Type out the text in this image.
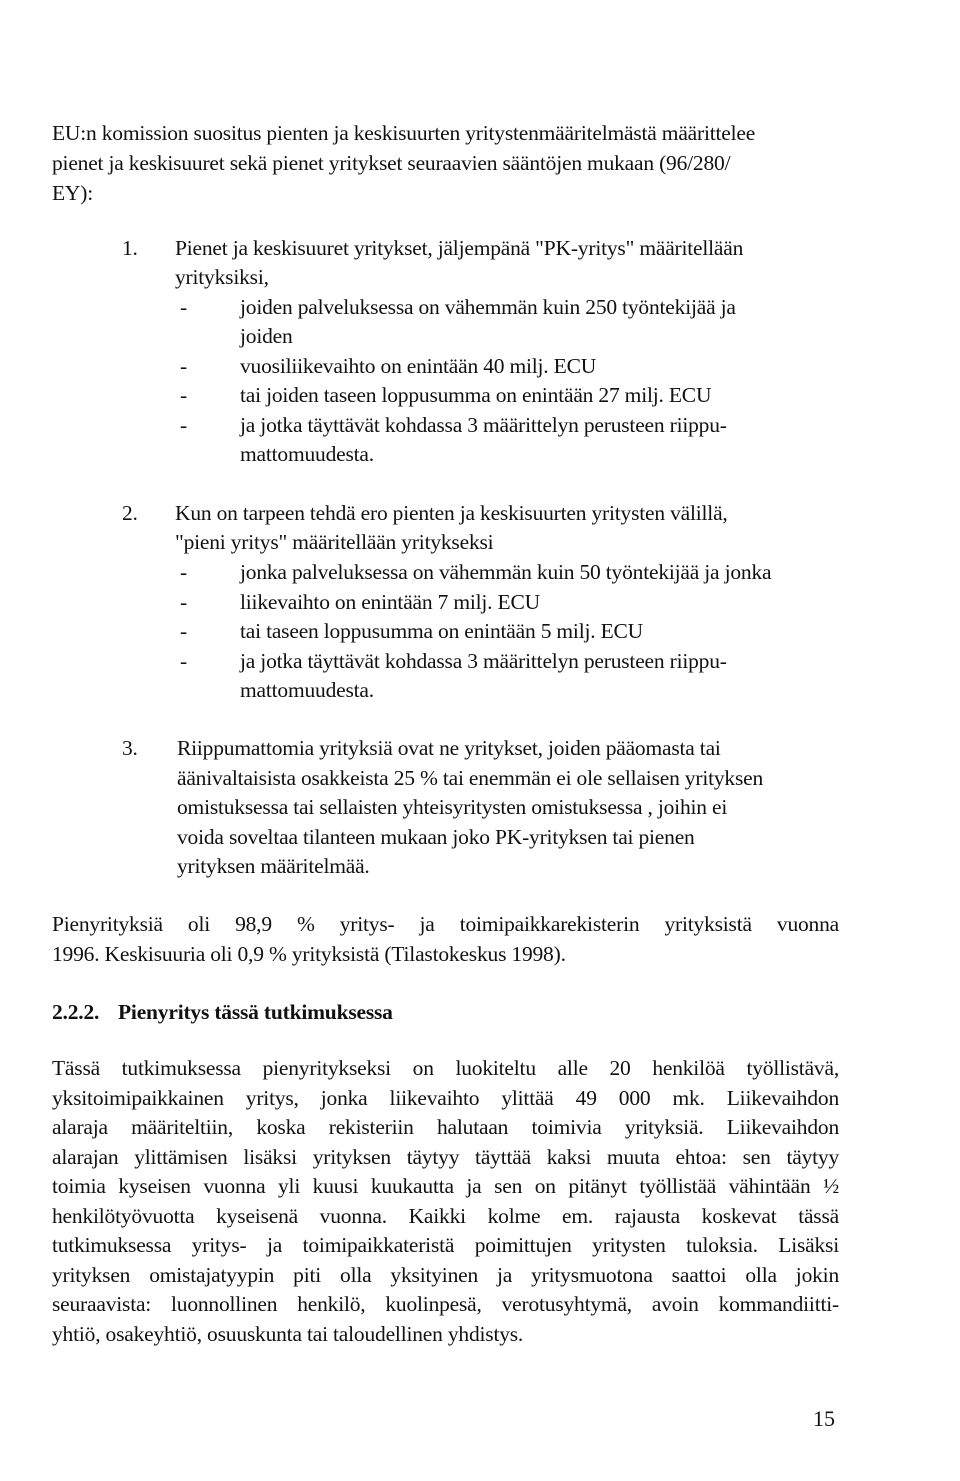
EU:n komission suositus pienten ja keskisuurten yritystenmääritelmästä määrittelee
pienet ja keskisuuret sekä pienet yritykset seuraavien sääntöjen mukaan (96/280/
EY):
1. Pienet ja keskisuuret yritykset, jäljempänä "PK-yritys" määritellään
yrityksiksi,
- joiden palveluksessa on vähemmän kuin 250 työntekijää ja
joiden
- vuosiliikevaihto on enintään 40 milj. ECU
- tai joiden taseen loppusumma on enintään 27 milj. ECU
- ja jotka täyttävät kohdassa 3 määrittelyn perusteen riippu-
mattomuudesta.
2. Kun on tarpeen tehdä ero pienten ja keskisuurten yritysten välillä,
"pieni yritys" määritellään yritykseksi
- jonka palveluksessa on vähemmän kuin 50 työntekijää ja jonka
- liikevaihto on enintään 7 milj. ECU
- tai taseen loppusumma on enintään 5 milj. ECU
- ja jotka täyttävät kohdassa 3 määrittelyn perusteen riippu-
mattomuudesta.
3. Riippumattomia yrityksiä ovat ne yritykset, joiden pääomasta tai
äänivaltaisista osakkeista 25 % tai enemmän ei ole sellaisen yrityksen
omistuksessa tai sellaisten yhteisyritysten omistuksessa , joihin ei
voida soveltaa tilanteen mukaan joko PK-yrityksen tai pienen
yrityksen määritelmää.
Pienyrityksiä oli 98,9 % yritys- ja toimipaikkarekisterin yrityksistä vuonna
1996. Keskisuuria oli 0,9 % yrityksistä (Tilastokeskus 1998).
2.2.2. Pienyritys tässä tutkimuksessa
Tässä tutkimuksessa pienyritykseksi on luokiteltu alle 20 henkilöä työllistävä,
yksitoimipaikkainen yritys, jonka liikevaihto ylittää 49 000 mk. Liikevaihdon
alaraja määriteltiin, koska rekisteriin halutaan toimivia yrityksiä. Liikevaihdon
alarajan ylittämisen lisäksi yrityksen täytyy täyttää kaksi muuta ehtoa: sen täytyy
toimia kyseisen vuonna yli kuusi kuukautta ja sen on pitänyt työllistää vähintään ½
henkilötyövuotta kyseisenä vuonna. Kaikki kolme em. rajausta koskevat tässä
tutkimuksessa yritys- ja toimipaikkateristä poimittujen yritysten tuloksia. Lisäksi
yrityksen omistajatyypin piti olla yksityinen ja yritysmuotona saattoi olla jokin
seuraavista: luonnollinen henkilö, kuolinpesä, verotusyhtymä, avoin kommandiitti-
yhtiö, osakeyhtiö, osuuskunta tai taloudellinen yhdistys.
15
